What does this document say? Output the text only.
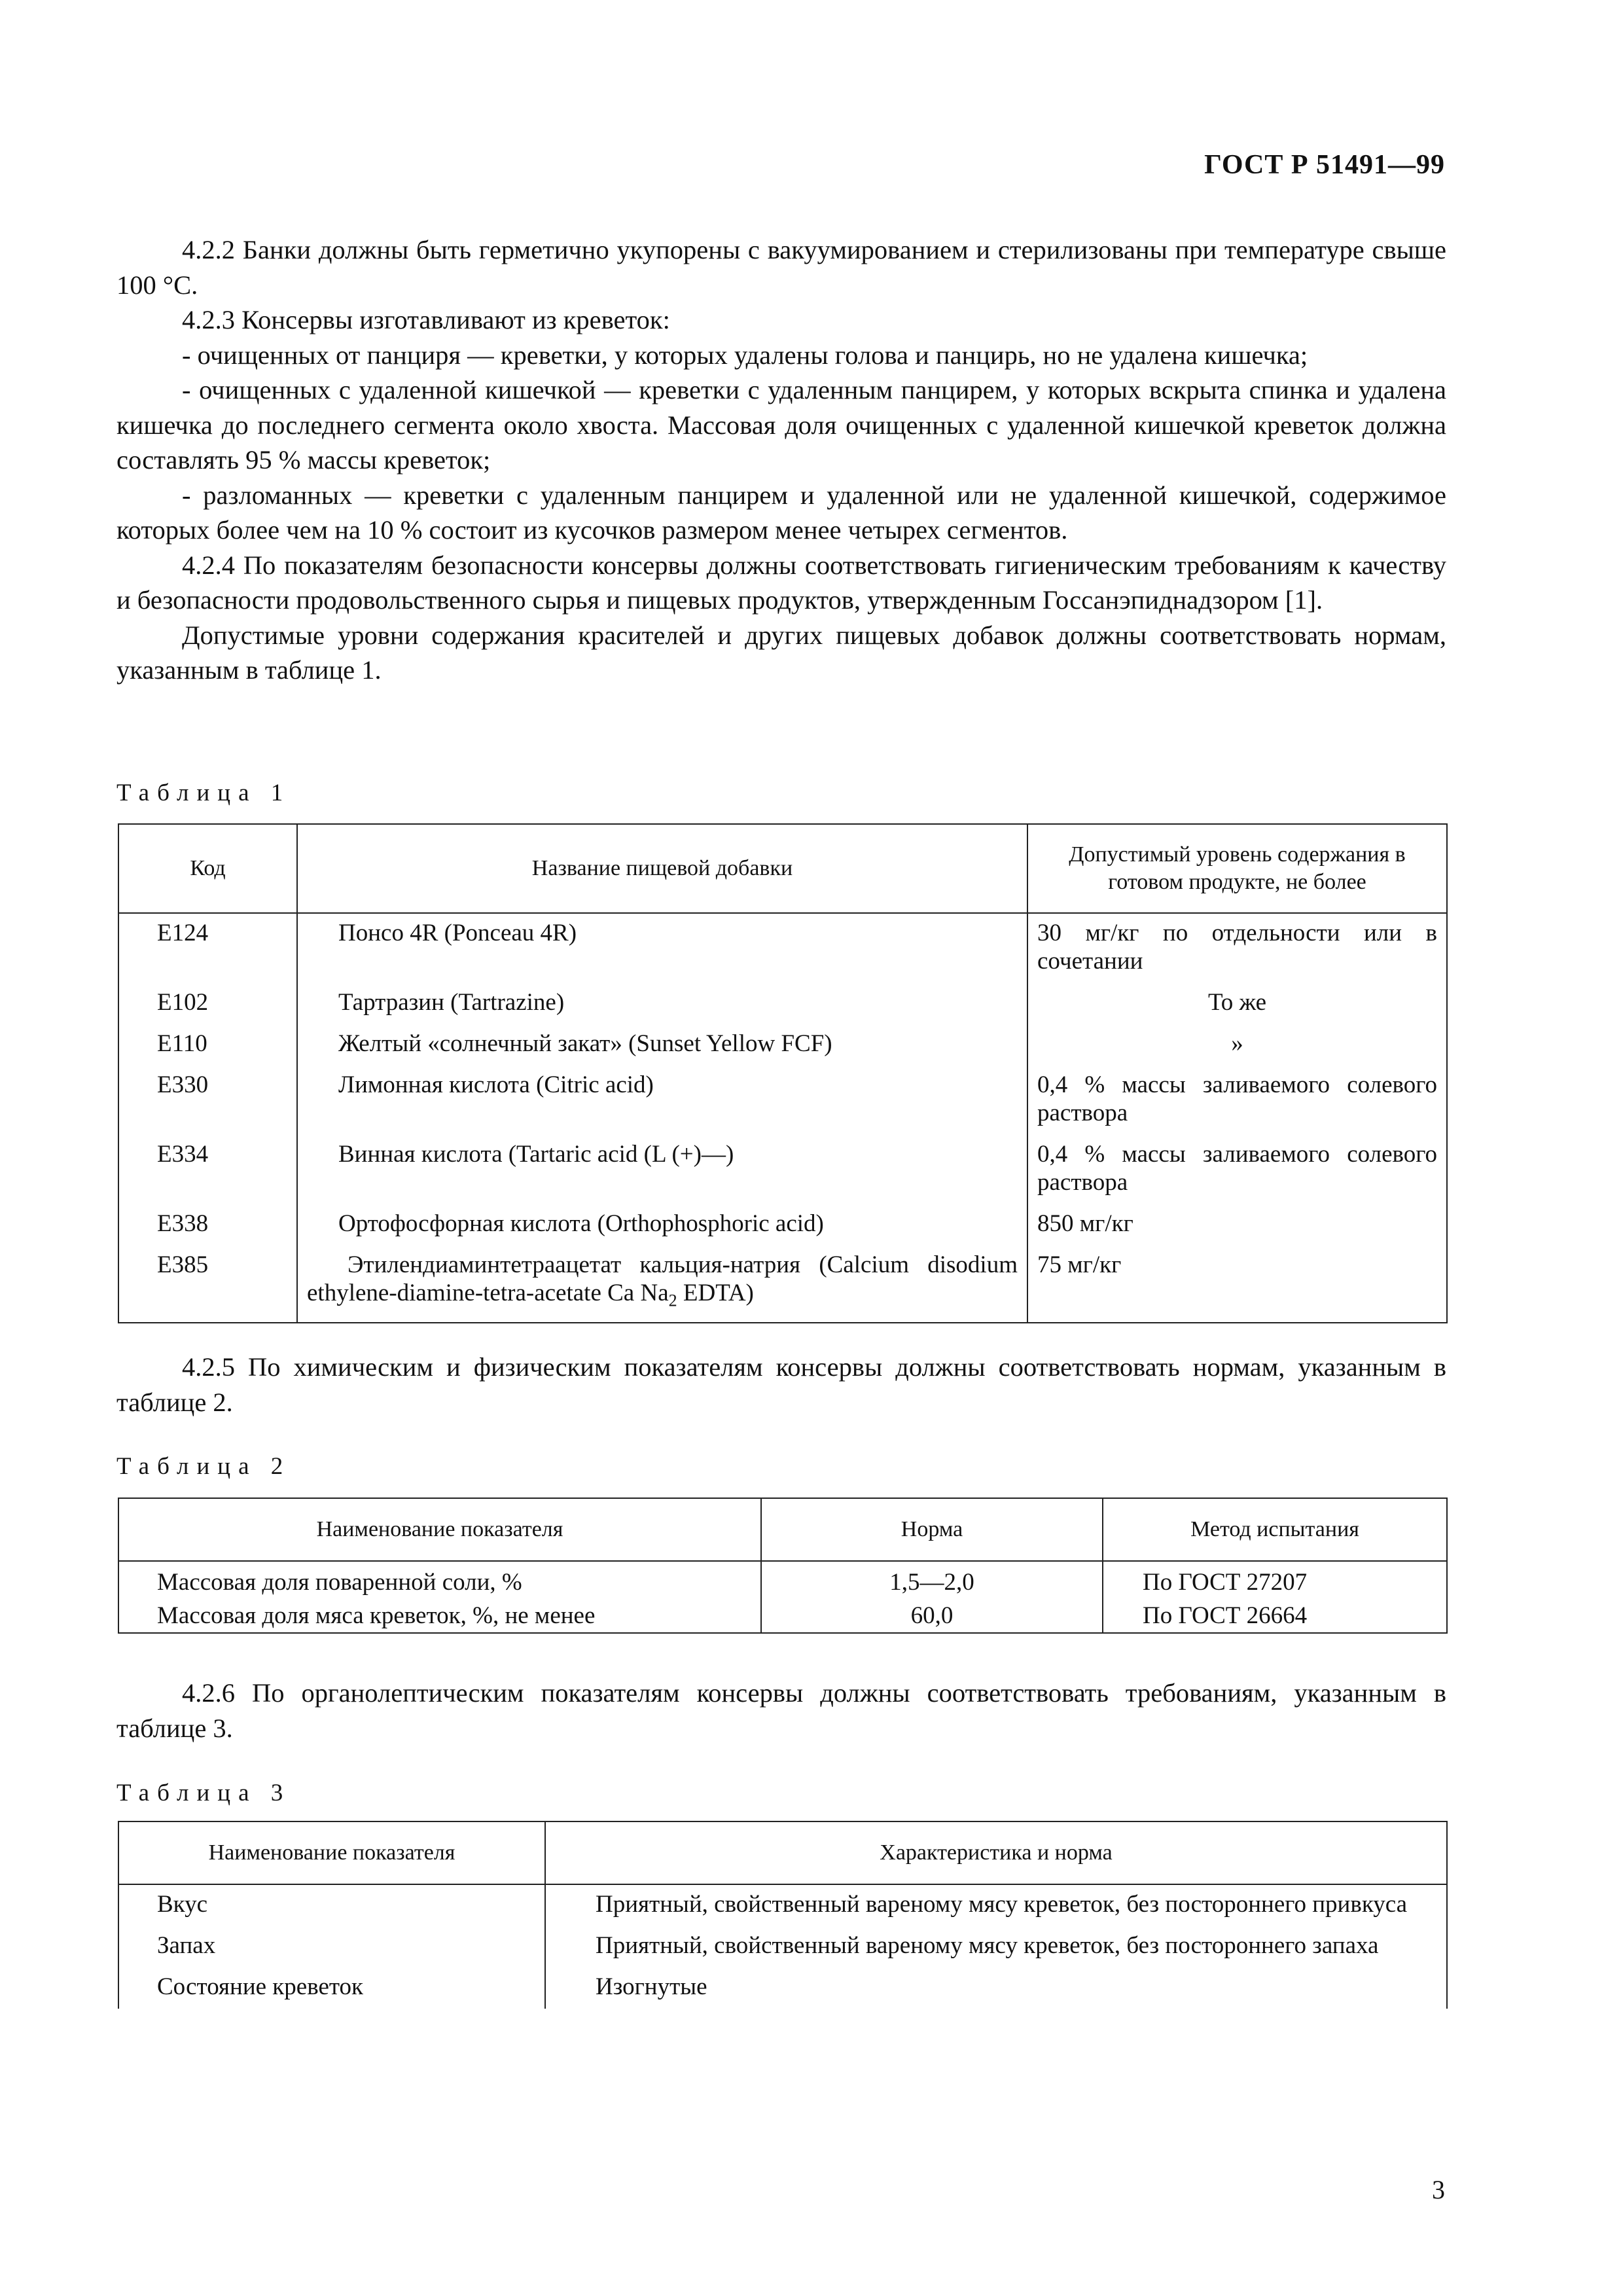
ГОСТ Р 51491—99

4.2.2 Банки должны быть герметично укупорены с вакуумированием и стерилизованы при температуре свыше 100 °С.

4.2.3 Консервы изготавливают из креветок:

- очищенных от панциря — креветки, у которых удалены голова и панцирь, но не удалена кишечка;

- очищенных с удаленной кишечкой — креветки с удаленным панцирем, у которых вскрыта спинка и удалена кишечка до последнего сегмента около хвоста. Массовая доля очищенных с удаленной кишечкой креветок должна составлять 95 % массы креветок;

- разломанных — креветки с удаленным панцирем и удаленной или не удаленной кишечкой, содержимое которых более чем на 10 % состоит из кусочков размером менее четырех сегментов.

4.2.4 По показателям безопасности консервы должны соответствовать гигиеническим требованиям к качеству и безопасности продовольственного сырья и пищевых продуктов, утвержденным Госсанэпиднадзором [1].

Допустимые уровни содержания красителей и других пищевых добавок должны соответствовать нормам, указанным в таблице 1.

Таблица 1
Код	Название пищевой добавки	Допустимый уровень содержания в готовом продукте, не более
Е124	Понсо 4R (Ponceau 4R)	30 мг/кг по отдельности или в сочетании
Е102	Тартразин (Tartrazine)	То же
Е110	Желтый «солнечный закат» (Sunset Yellow FCF)	»
Е330	Лимонная кислота (Citric acid)	0,4 % массы заливаемого солевого раствора
Е334	Винная кислота (Tartaric acid (L (+)—)	0,4 % массы заливаемого солевого раствора
Е338	Ортофосфорная кислота (Orthophosphoric acid)	850 мг/кг
Е385	Этилендиаминтетраацетат кальция-натрия (Calcium disodium ethylene-diamine-tetra-acetate Ca $Na_2$ EDTA)	75 мг/кг

4.2.5 По химическим и физическим показателям консервы должны соответствовать нормам, указанным в таблице 2.

Таблица 2
Наименование показателя	Норма	Метод испытания
Массовая доля поваренной соли, %	1,5—2,0	По ГОСТ 27207
Массовая доля мяса креветок, %, не менее	60,0	По ГОСТ 26664

4.2.6 По органолептическим показателям консервы должны соответствовать требованиям, указанным в таблице 3.

Таблица 3
Наименование показателя	Характеристика и норма
Вкус	Приятный, свойственный вареному мясу креветок, без постороннего привкуса
Запах	Приятный, свойственный вареному мясу креветок, без постороннего запаха
Состояние креветок	Изогнутые
3
